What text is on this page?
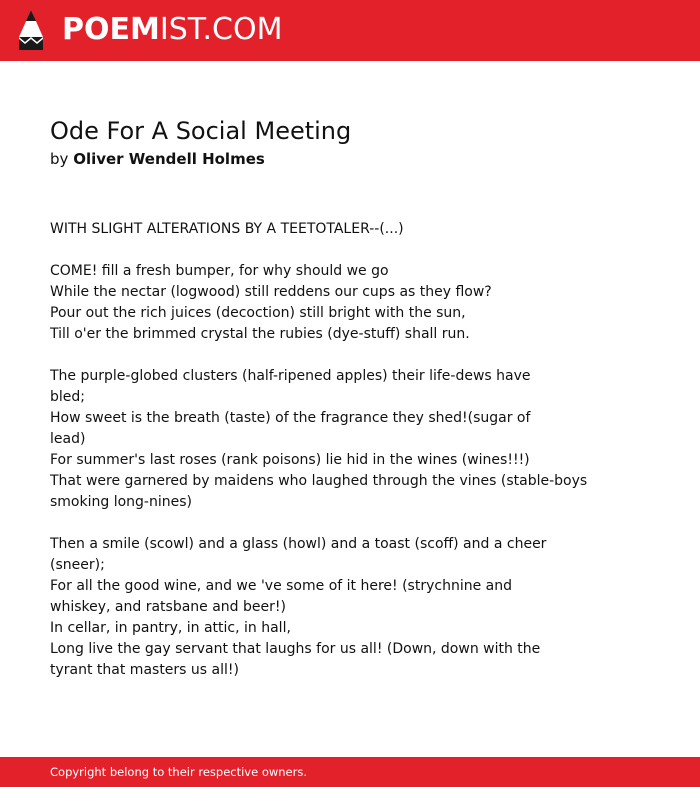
POEMIST.COM
Ode For A Social Meeting
by Oliver Wendell Holmes
WITH SLIGHT ALTERATIONS BY A TEETOTALER--(...)
COME! fill a fresh bumper, for why should we go
While the nectar (logwood) still reddens our cups as they flow?
Pour out the rich juices (decoction) still bright with the sun,
Till o'er the brimmed crystal the rubies (dye-stuff) shall run.
The purple-globed clusters (half-ripened apples) their life-dews have
bled;
How sweet is the breath (taste) of the fragrance they shed!(sugar of
lead)
For summer's last roses (rank poisons) lie hid in the wines (wines!!!)
That were garnered by maidens who laughed through the vines (stable-boys
smoking long-nines)
Then a smile (scowl) and a glass (howl) and a toast (scoff) and a cheer
(sneer);
For all the good wine, and we 've some of it here! (strychnine and
whiskey, and ratsbane and beer!)
In cellar, in pantry, in attic, in hall,
Long live the gay servant that laughs for us all! (Down, down with the
tyrant that masters us all!)
Copyright belong to their respective owners.
